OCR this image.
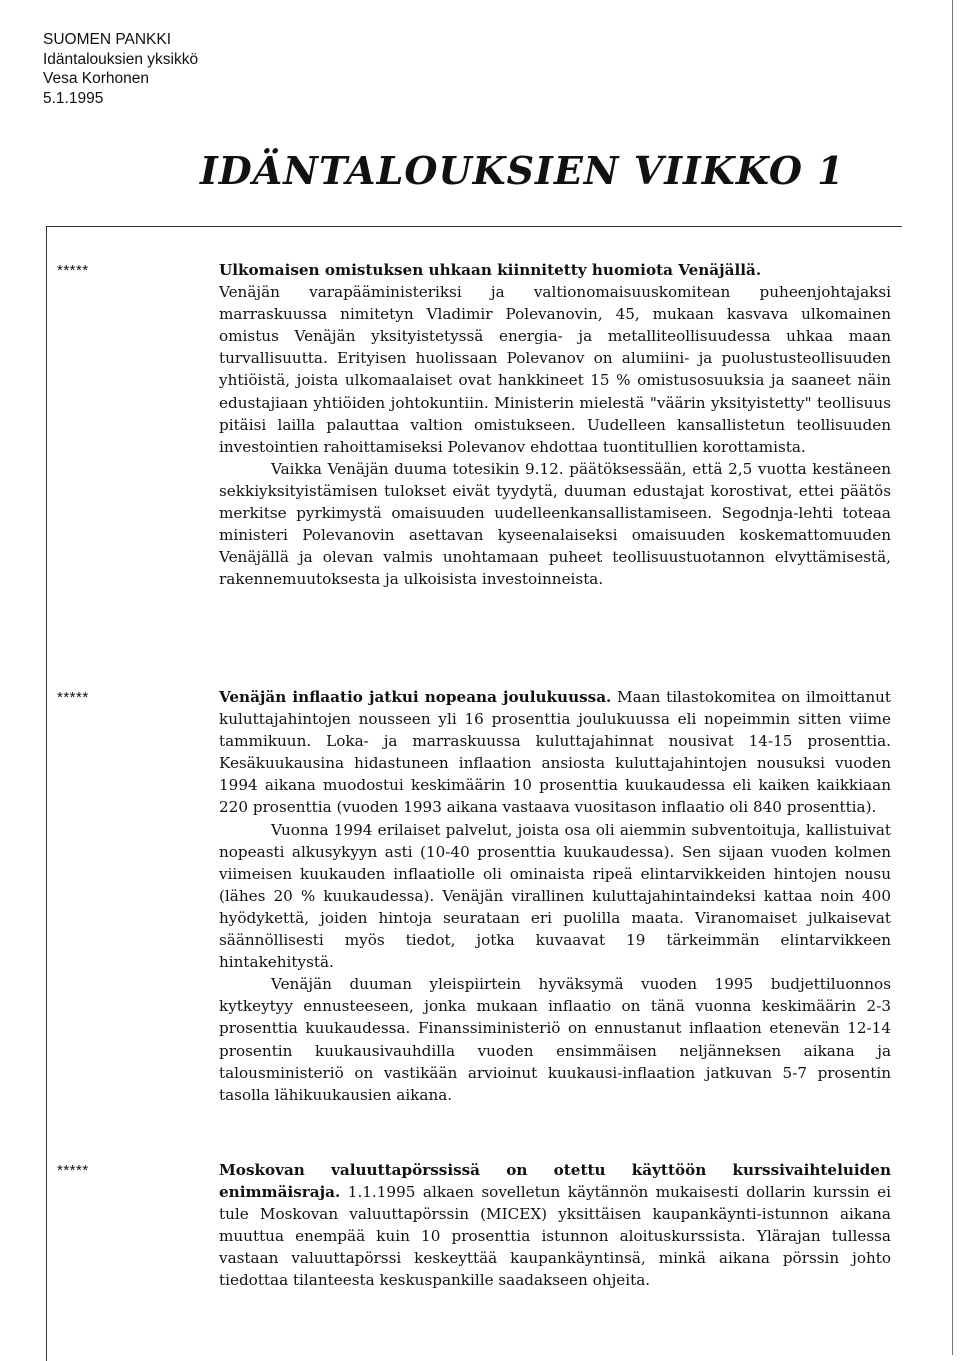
SUOMEN PANKKI
Idäntalouksien yksikkö
Vesa Korhonen
5.1.1995
IDÄNTALOUKSIEN VIIKKO 1
*****	Ulkomaisen omistuksen uhkaan kiinnitetty huomiota Venäjällä.

Venäjän varapääministeriksi ja valtionomaisuuskomitean puheenjohtajaksi marraskuussa nimitetyn Vladimir Polevanovin, 45, mukaan kasvava ulkomainen omistus Venäjän yksityistetyssä energia- ja metalliteollisuudessa uhkaa maan turvallisuutta. Erityisen huolissaan Polevanov on alumiini- ja puolustusteollisuuden yhtiöistä, joista ulkomaalaiset ovat hankkineet 15 % omistusosuuksia ja saaneet näin edustajiaan yhtiöiden johtokuntiin. Ministerin mielestä "väärin yksityistetty" teollisuus pitäisi lailla palauttaa valtion omistukseen. Uudelleen kansallistetun teollisuuden investointien rahoittamiseksi Polevanov ehdottaa tuontitullien korottamista.

Vaikka Venäjän duuma totesikin 9.12. päätöksessään, että 2,5 vuotta kestäneen sekkiyksityistämisen tulokset eivät tyydytä, duuman edustajat korostivat, ettei päätös merkitse pyrkimystä omaisuuden uudelleenkansallistamiseen. Segodnja-lehti toteaa ministeri Polevanovin asettavan kyseenalaiseksi omaisuuden koskemattomuuden Venäjällä ja olevan valmis unohtamaan puheet teollisuustuotannon elvyttämisestä, rakennemuutoksesta ja ulkoisista investoinneista.

*****	Venäjän inflaatio jatkui nopeana joulukuussa. Maan tilastokomitea on ilmoittanut kuluttajahintojen nousseen yli 16 prosenttia joulukuussa eli nopeimmin sitten viime tammikuun. Loka- ja marraskuussa kuluttajahinnat nousivat 14-15 prosenttia. Kesäkuukausina hidastuneen inflaation ansiosta kuluttajahintojen nousuksi vuoden 1994 aikana muodostui keskimäärin 10 prosenttia kuukaudessa eli kaiken kaikkiaan 220 prosenttia (vuoden 1993 aikana vastaava vuositason inflaatio oli 840 prosenttia).

Vuonna 1994 erilaiset palvelut, joista osa oli aiemmin subventoituja, kallistuivat nopeasti alkusykyyn asti (10-40 prosenttia kuukaudessa). Sen sijaan vuoden kolmen viimeisen kuukauden inflaatiolle oli ominaista ripeä elintarvikkeiden hintojen nousu (lähes 20 % kuukaudessa). Venäjän virallinen kuluttajahintaindeksi kattaa noin 400 hyödykettä, joiden hintoja seurataan eri puolilla maata. Viranomaiset julkaisevat säännöllisesti myös tiedot, jotka kuvaavat 19 tärkeimmän elintarvikkeen hintakehitystä.

Venäjän duuman yleispiirtein hyväksymä vuoden 1995 budjettiluonnos kytkeytyy ennusteeseen, jonka mukaan inflaatio on tänä vuonna keskimäärin 2-3 prosenttia kuukaudessa. Finanssiministeriö on ennustanut inflaation etenevän 12-14 prosentin kuukausivauhdilla vuoden ensimmäisen neljänneksen aikana ja talousministeriö on vastikään arvioinut kuukausi-inflaation jatkuvan 5-7 prosentin tasolla lähikuukausien aikana.

*****	Moskovan valuuttapörssissä on otettu käyttöön kurssivaihteluiden enimmäisraja. 1.1.1995 alkaen sovelletun käytännön mukaisesti dollarin kurssin ei tule Moskovan valuuttapörssin (MICEX) yksittäisen kaupankäynti-istunnon aikana muuttua enempää kuin 10 prosenttia istunnon aloituskurssista. Ylärajan tullessa vastaan valuuttapörssi keskeyttää kaupankäyntinsä, minkä aikana pörssin johto tiedottaa tilanteesta keskuspankille saadakseen ohjeita.
